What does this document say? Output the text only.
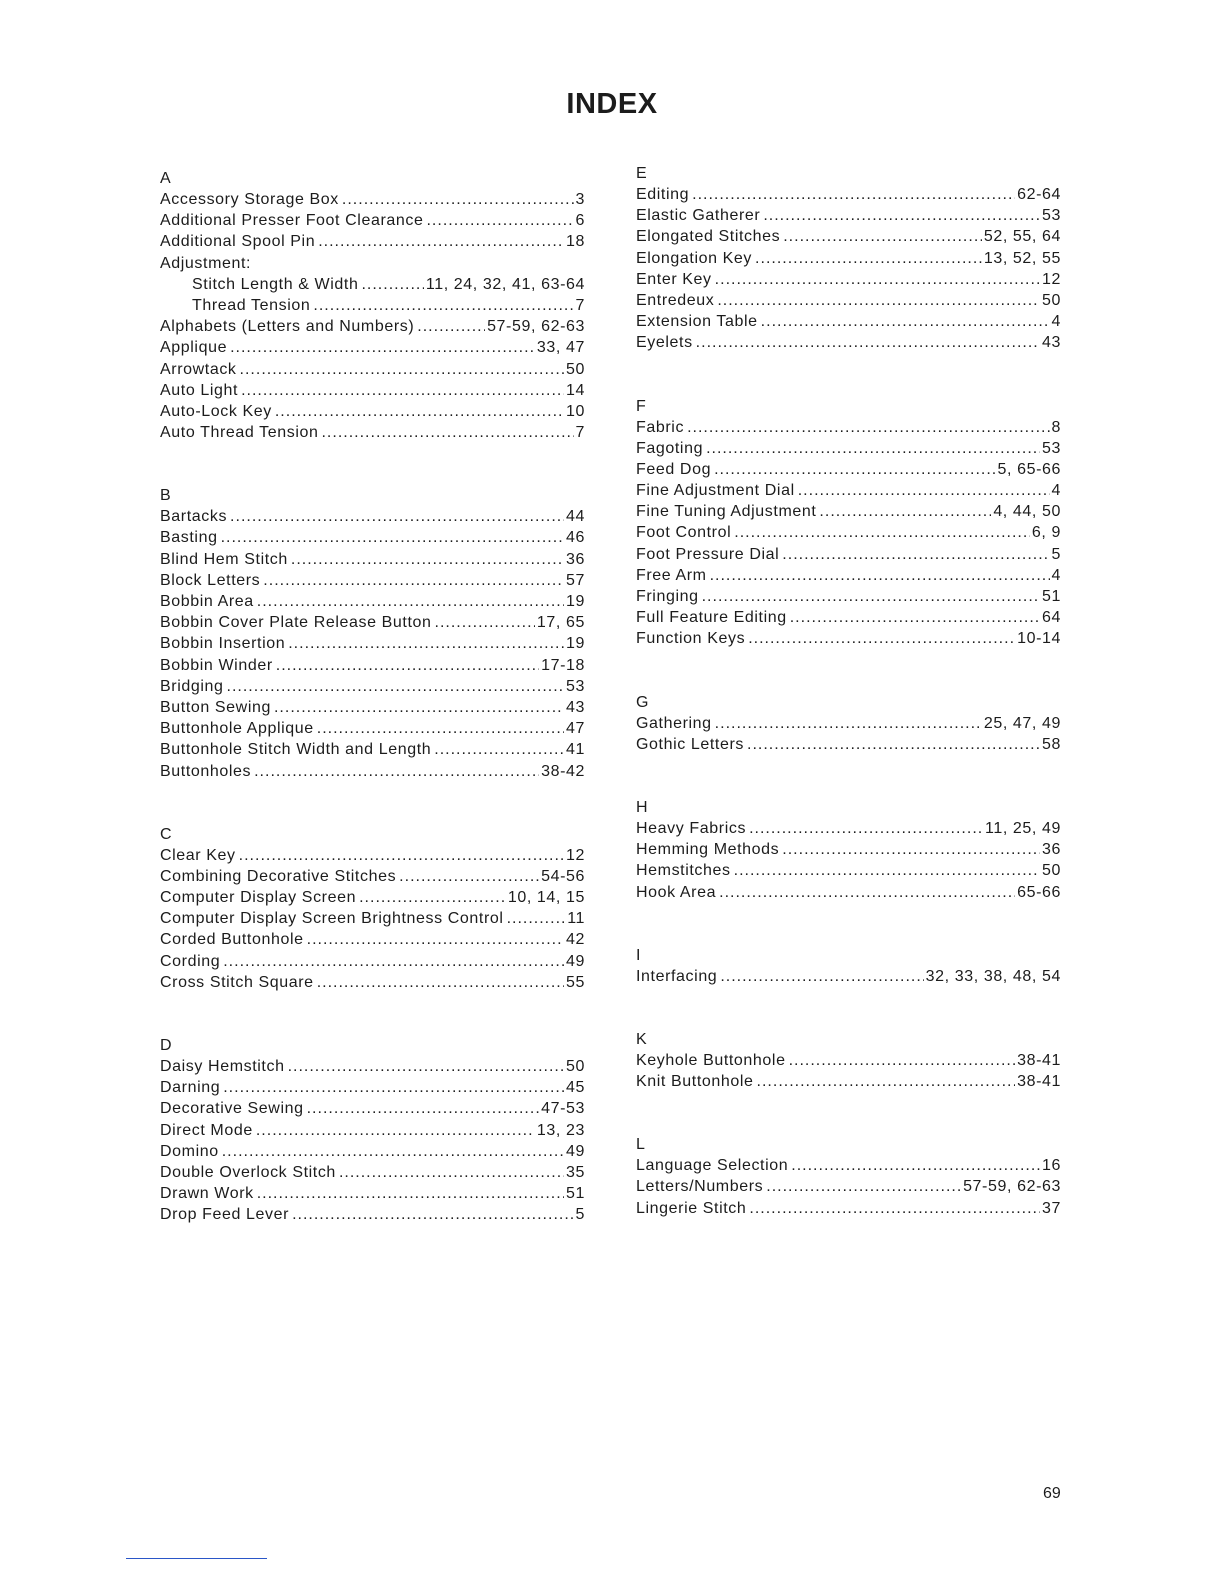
INDEX
A
Accessory Storage Box .....	3
Additional Presser Foot Clearance .....	6
Additional Spool Pin .....	18
Adjustment:
Stitch Length & Width .....	11, 24, 32, 41, 63-64
Thread Tension .....	7
Alphabets (Letters and Numbers) .....	57-59, 62-63
Applique .....	33, 47
Arrowtack .....	50
Auto Light .....	14
Auto-Lock Key .....	10
Auto Thread Tension .....	7
B
Bartacks .....	44
Basting .....	46
Blind Hem Stitch .....	36
Block Letters .....	57
Bobbin Area .....	19
Bobbin Cover Plate Release Button .....	17, 65
Bobbin Insertion .....	19
Bobbin Winder .....	17-18
Bridging .....	53
Button Sewing .....	43
Buttonhole Applique .....	47
Buttonhole Stitch Width and Length .....	41
Buttonholes .....	38-42
C
Clear Key .....	12
Combining Decorative Stitches .....	54-56
Computer Display Screen .....	10, 14, 15
Computer Display Screen Brightness Control .....	11
Corded Buttonhole .....	42
Cording .....	49
Cross Stitch Square .....	55
D
Daisy Hemstitch .....	50
Darning .....	45
Decorative Sewing .....	47-53
Direct Mode .....	13, 23
Domino .....	49
Double Overlock Stitch .....	35
Drawn Work .....	51
Drop Feed Lever .....	5
E
Editing .....	62-64
Elastic Gatherer .....	53
Elongated Stitches .....	52, 55, 64
Elongation Key .....	13, 52, 55
Enter Key .....	12
Entredeux .....	50
Extension Table .....	4
Eyelets .....	43
F
Fabric .....	8
Fagoting .....	53
Feed Dog .....	5, 65-66
Fine Adjustment Dial .....	4
Fine Tuning Adjustment .....	4, 44, 50
Foot Control .....	6, 9
Foot Pressure Dial .....	5
Free Arm .....	4
Fringing .....	51
Full Feature Editing .....	64
Function Keys .....	10-14
G
Gathering .....	25, 47, 49
Gothic Letters .....	58
H
Heavy Fabrics .....	11, 25, 49
Hemming Methods .....	36
Hemstitches .....	50
Hook Area .....	65-66
I
Interfacing .....	32, 33, 38, 48, 54
K
Keyhole Buttonhole .....	38-41
Knit Buttonhole .....	38-41
L
Language Selection .....	16
Letters/Numbers .....	57-59, 62-63
Lingerie Stitch .....	37
69
